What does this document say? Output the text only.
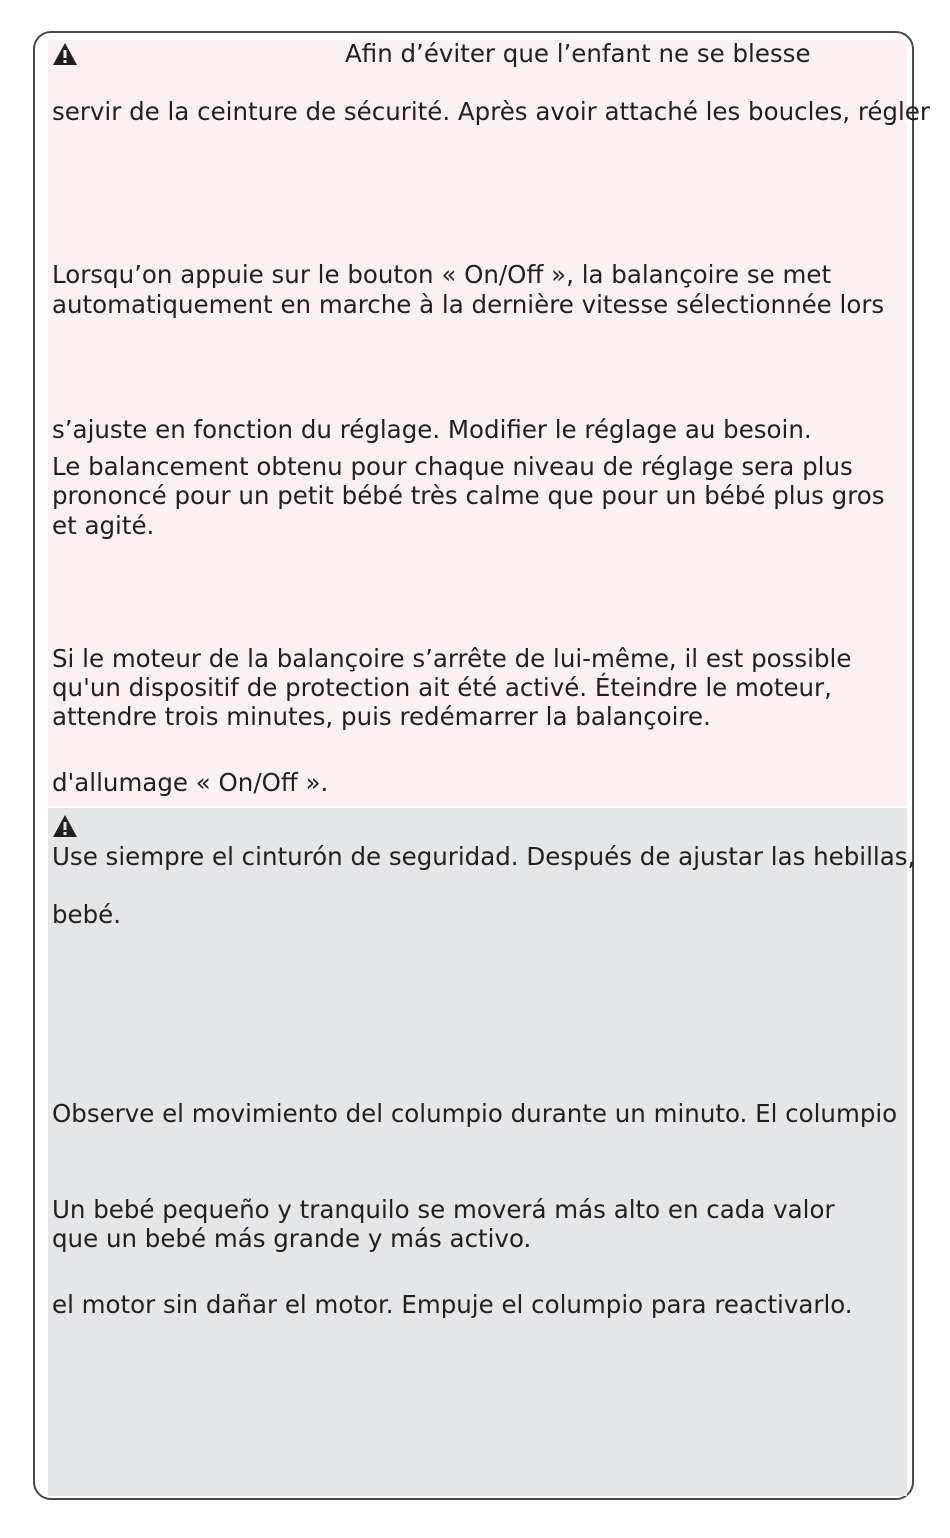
Afin d’éviter que l’enfant ne se blesse

servir de la ceinture de sécurité. Après avoir attaché les boucles, régler

Lorsqu’on appuie sur le bouton « On/Off », la balançoire se met

automatiquement en marche à la dernière vitesse sélectionnée lors

s’ajuste en fonction du réglage. Modifier le réglage au besoin.

Le balancement obtenu pour chaque niveau de réglage sera plus

prononcé pour un petit bébé très calme que pour un bébé plus gros

et agité.

Si le moteur de la balançoire s’arrête de lui-même, il est possible

qu'un dispositif de protection ait été activé. Éteindre le moteur,

attendre trois minutes, puis redémarrer la balançoire.

d'allumage « On/Off ».

Use siempre el cinturón de seguridad. Después de ajustar las hebillas,

bebé.

Observe el movimiento del columpio durante un minuto. El columpio

Un bebé pequeño y tranquilo se moverá más alto en cada valor

que un bebé más grande y más activo.

el motor sin dañar el motor. Empuje el columpio para reactivarlo.
